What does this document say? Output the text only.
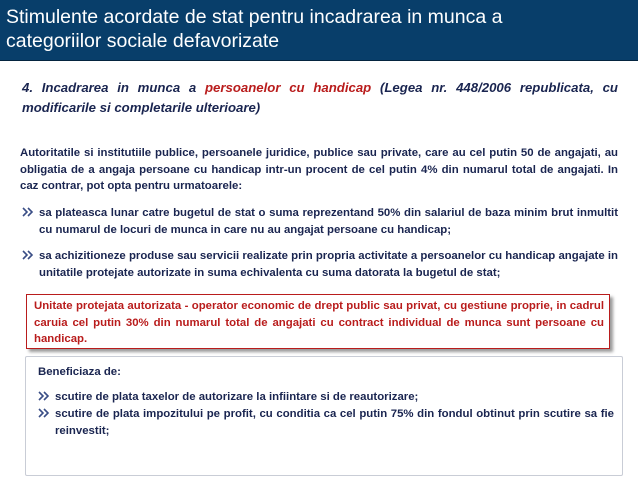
Stimulente acordate de stat pentru incadrarea in munca a
categoriilor sociale defavorizate
4. Incadrarea in munca a persoanelor cu handicap (Legea nr. 448/2006 republicata, cu modificarile si completarile ulterioare)
Autoritatile si institutiile publice, persoanele juridice, publice sau private, care au cel putin 50 de angajati, au obligatia de a angaja persoane cu handicap intr-un procent de cel putin 4% din numarul total de angajati. In caz contrar, pot opta pentru urmatoarele:
sa plateasca lunar catre bugetul de stat o suma reprezentand 50% din salariul de baza minim brut inmultit cu numarul de locuri de munca in care nu au angajat persoane cu handicap;
sa achizitioneze produse sau servicii realizate prin propria activitate a persoanelor cu handicap angajate in unitatile protejate autorizate in suma echivalenta cu suma datorata la bugetul de stat;
Unitate protejata autorizata - operator economic de drept public sau privat, cu gestiune proprie, in cadrul caruia cel putin 30% din numarul total de angajati cu contract individual de munca sunt persoane cu handicap.
Beneficiaza de:
scutire de plata taxelor de autorizare la infiintare si de reautorizare;
scutire de plata impozitului pe profit, cu conditia ca cel putin 75% din fondul obtinut prin scutire sa fie reinvestit;
